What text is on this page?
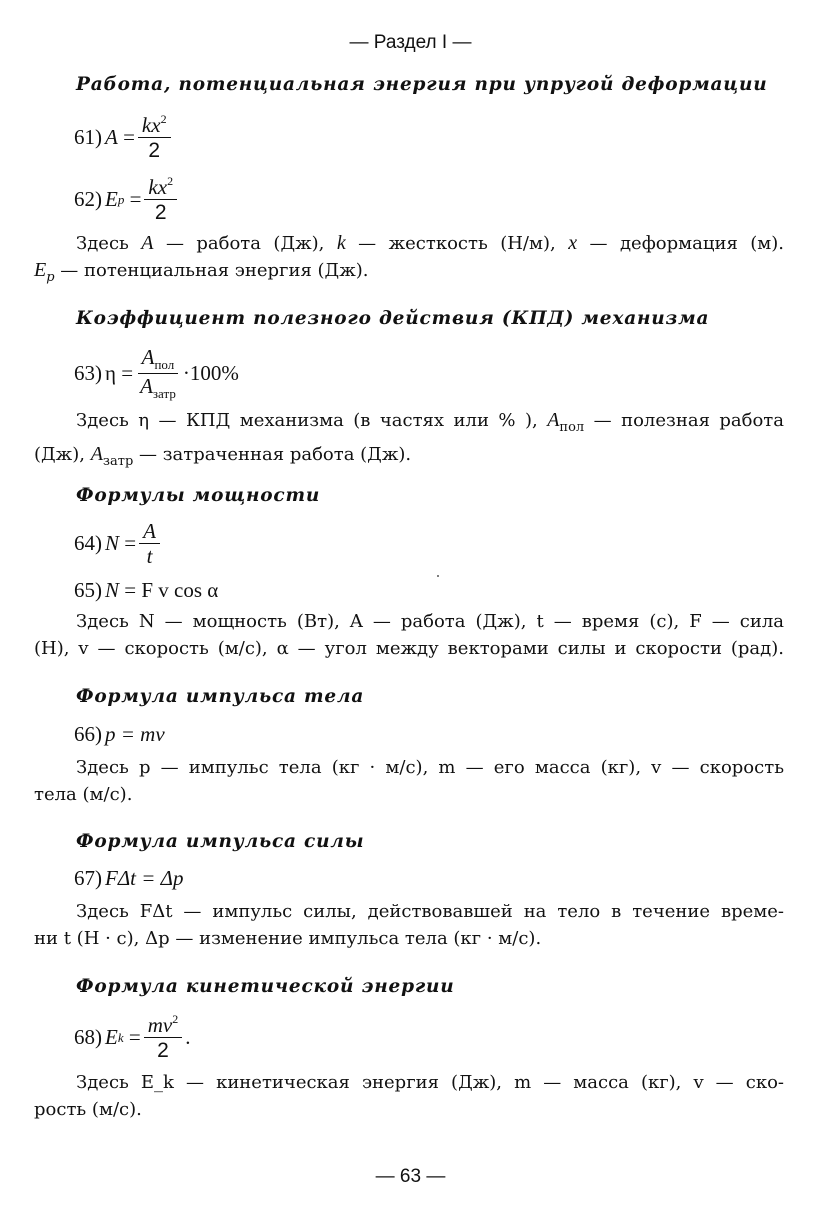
— Раздел I —
Работа, потенциальная энергия при упругой деформации
61) $A = \frac{kx^2}{2}$
62) E $p = \frac{kx^2}{2}$
Здесь A — работа (Дж), k — жесткость (Н/м), x — деформация (м).
$E_p$ — потенциальная энергия (Дж).
Коэффициент полезного действия (КПД) механизма
63) $\eta = \frac{A_{пол}}{A_{затр}} \cdot 100\%$
Здесь η — КПД механизма (в частях или % ), $A_{пол}$ — полезная работа
(Дж), $A_{затр}$ — затраченная работа (Дж).
Формулы мощности
64) $N = \frac{A}{t}$
65) N
= F v cos α
Здесь N — мощность (Вт), A — работа (Дж), t — время (с), F — сила
(Н), v — скорость (м/с), α — угол между векторами силы и скорости (рад).
Формула импульса тела
66) p = mv
Здесь p — импульс тела (кг · м/с), m — его масса (кг), v — скорость
тела (м/с).
Формула импульса силы
67) FΔt = Δp
Здесь FΔt — импульс силы, действовавшей на тело в течение време-
ни t (Н · с), Δp — изменение импульса тела (кг · м/с).
Формула кинетической энергии
68) E $k = \frac{mv^2}{2}$ .
Здесь E_k — кинетическая энергия (Дж), m — масса (кг), v — ско-
рость (м/с).
— 63 —
